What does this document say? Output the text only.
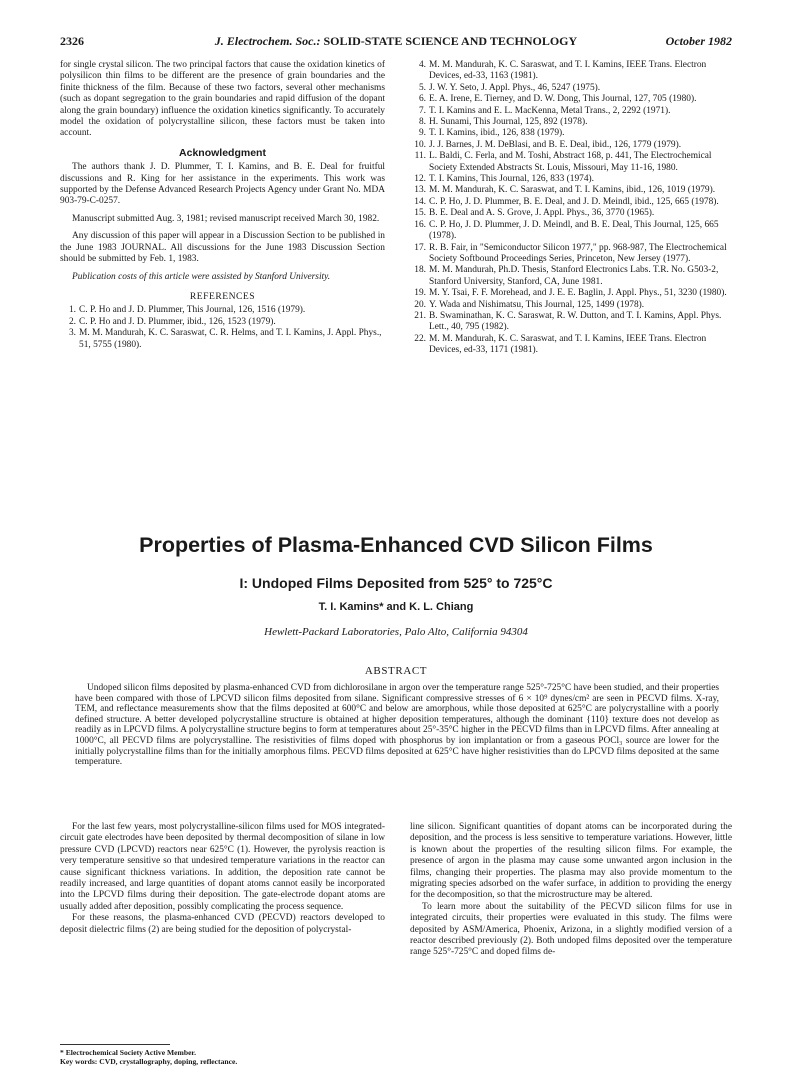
2326	J. Electrochem. Soc.: SOLID-STATE SCIENCE AND TECHNOLOGY	October 1982

for single crystal silicon. The two principal factors that cause the oxidation kinetics of polysilicon thin films to be different are the presence of grain boundaries and the finite thickness of the film. Because of these two factors, several other mechanisms (such as dopant segregation to the grain boundaries and rapid diffusion of the dopant along the grain boundary) influence the oxidation kinetics significantly. To accurately model the oxidation of polycrystalline silicon, these factors must be taken into account.

Acknowledgment

The authors thank J. D. Plummer, T. I. Kamins, and B. E. Deal for fruitful discussions and R. King for her assistance in the experiments. This work was supported by the Defense Advanced Research Projects Agency under Grant No. MDA 903-79-C-0257.

Manuscript submitted Aug. 3, 1981; revised manuscript received March 30, 1982.

Any discussion of this paper will appear in a Discussion Section to be published in the June 1983 JOURNAL. All discussions for the June 1983 Discussion Section should be submitted by Feb. 1, 1983.

Publication costs of this article were assisted by Stanford University.

REFERENCES
1. C. P. Ho and J. D. Plummer, This Journal, 126, 1516 (1979).
2. C. P. Ho and J. D. Plummer, ibid., 126, 1523 (1979).
3. M. M. Mandurah, K. C. Saraswat, C. R. Helms, and T. I. Kamins, J. Appl. Phys., 51, 5755 (1980).
4. M. M. Mandurah, K. C. Saraswat, and T. I. Kamins, IEEE Trans. Electron Devices, ed-33, 1163 (1981).
5. J. W. Y. Seto, J. Appl. Phys., 46, 5247 (1975).
6. E. A. Irene, E. Tierney, and D. W. Dong, This Journal, 127, 705 (1980).
7. T. I. Kamins and E. L. MacKenna, Metal Trans., 2, 2292 (1971).
8. H. Sunami, This Journal, 125, 892 (1978).
9. T. I. Kamins, ibid., 126, 838 (1979).
10. J. J. Barnes, J. M. DeBlasi, and B. E. Deal, ibid., 126, 1779 (1979).
11. L. Baldi, C. Ferla, and M. Toshi, Abstract 168, p. 441, The Electrochemical Society Extended Abstracts St. Louis, Missouri, May 11-16, 1980.
12. T. I. Kamins, This Journal, 126, 833 (1974).
13. M. M. Mandurah, K. C. Saraswat, and T. I. Kamins, ibid., 126, 1019 (1979).
14. C. P. Ho, J. D. Plummer, B. E. Deal, and J. D. Meindl, ibid., 125, 665 (1978).
15. B. E. Deal and A. S. Grove, J. Appl. Phys., 36, 3770 (1965).
16. C. P. Ho, J. D. Plummer, J. D. Meindl, and B. E. Deal, This Journal, 125, 665 (1978).
17. R. B. Fair, in "Semiconductor Silicon 1977," pp. 968-987, The Electrochemical Society Softbound Proceedings Series, Princeton, New Jersey (1977).
18. M. M. Mandurah, Ph.D. Thesis, Stanford Electronics Labs. T.R. No. G503-2, Stanford University, Stanford, CA, June 1981.
19. M. Y. Tsai, F. F. Morehead, and J. E. E. Baglin, J. Appl. Phys., 51, 3230 (1980).
20. Y. Wada and Nishimatsu, This Journal, 125, 1499 (1978).
21. B. Swaminathan, K. C. Saraswat, R. W. Dutton, and T. I. Kamins, Appl. Phys. Lett., 40, 795 (1982).
22. M. M. Mandurah, K. C. Saraswat, and T. I. Kamins, IEEE Trans. Electron Devices, ed-33, 1171 (1981).
Properties of Plasma-Enhanced CVD Silicon Films
I: Undoped Films Deposited from 525° to 725°C
T. I. Kamins* and K. L. Chiang
Hewlett-Packard Laboratories, Palo Alto, California 94304
ABSTRACT

Undoped silicon films deposited by plasma-enhanced CVD from dichlorosilane in argon over the temperature range 525°-725°C have been studied, and their properties have been compared with those of LPCVD silicon films deposited from silane. Significant compressive stresses of 6 × 10⁹ dynes/cm² are seen in PECVD films. X-ray, TEM, and reflectance measurements show that the films deposited at 600°C and below are amorphous, while those deposited at 625°C are polycrystalline with a poorly defined structure. A better developed polycrystalline structure is obtained at higher deposition temperatures, although the dominant {110} texture does not develop as readily as in LPCVD films. A polycrystalline structure begins to form at temperatures about 25°-35°C higher in the PECVD films than in LPCVD films. After annealing at 1000°C, all PECVD films are polycrystalline. The resistivities of films doped with phosphorus by ion implantation or from a gaseous POCl₃ source are lower for the initially polycrystalline films than for the initially amorphous films. PECVD films deposited at 625°C have higher resistivities than do LPCVD films deposited at the same temperature.

For the last few years, most polycrystalline-silicon films used for MOS integrated-circuit gate electrodes have been deposited by thermal decomposition of silane in low pressure CVD (LPCVD) reactors near 625°C (1). However, the pyrolysis reaction is very temperature sensitive so that undesired temperature variations in the reactor can cause significant thickness variations. In addition, the deposition rate cannot be readily increased, and large quantities of dopant atoms cannot easily be incorporated into the LPCVD films during their deposition. The gate-electrode dopant atoms are usually added after deposition, possibly complicating the process sequence.

For these reasons, the plasma-enhanced CVD (PECVD) reactors developed to deposit dielectric films (2) are being studied for the deposition of polycrystal-

line silicon. Significant quantities of dopant atoms can be incorporated during the deposition, and the process is less sensitive to temperature variations. However, little is known about the properties of the resulting silicon films. For example, the presence of argon in the plasma may cause some unwanted argon inclusion in the films, changing their properties. The plasma may also provide momentum to the migrating species adsorbed on the wafer surface, in addition to providing the energy for the decomposition, so that the microstructure may be altered.

To learn more about the suitability of the PECVD silicon films for use in integrated circuits, their properties were evaluated in this study. The films were deposited by ASM/America, Phoenix, Arizona, in a slightly modified version of a reactor described previously (2). Both undoped films deposited over the temperature range 525°-725°C and doped films de-

* Electrochemical Society Active Member.
Key words: CVD, crystallography, doping, reflectance.
